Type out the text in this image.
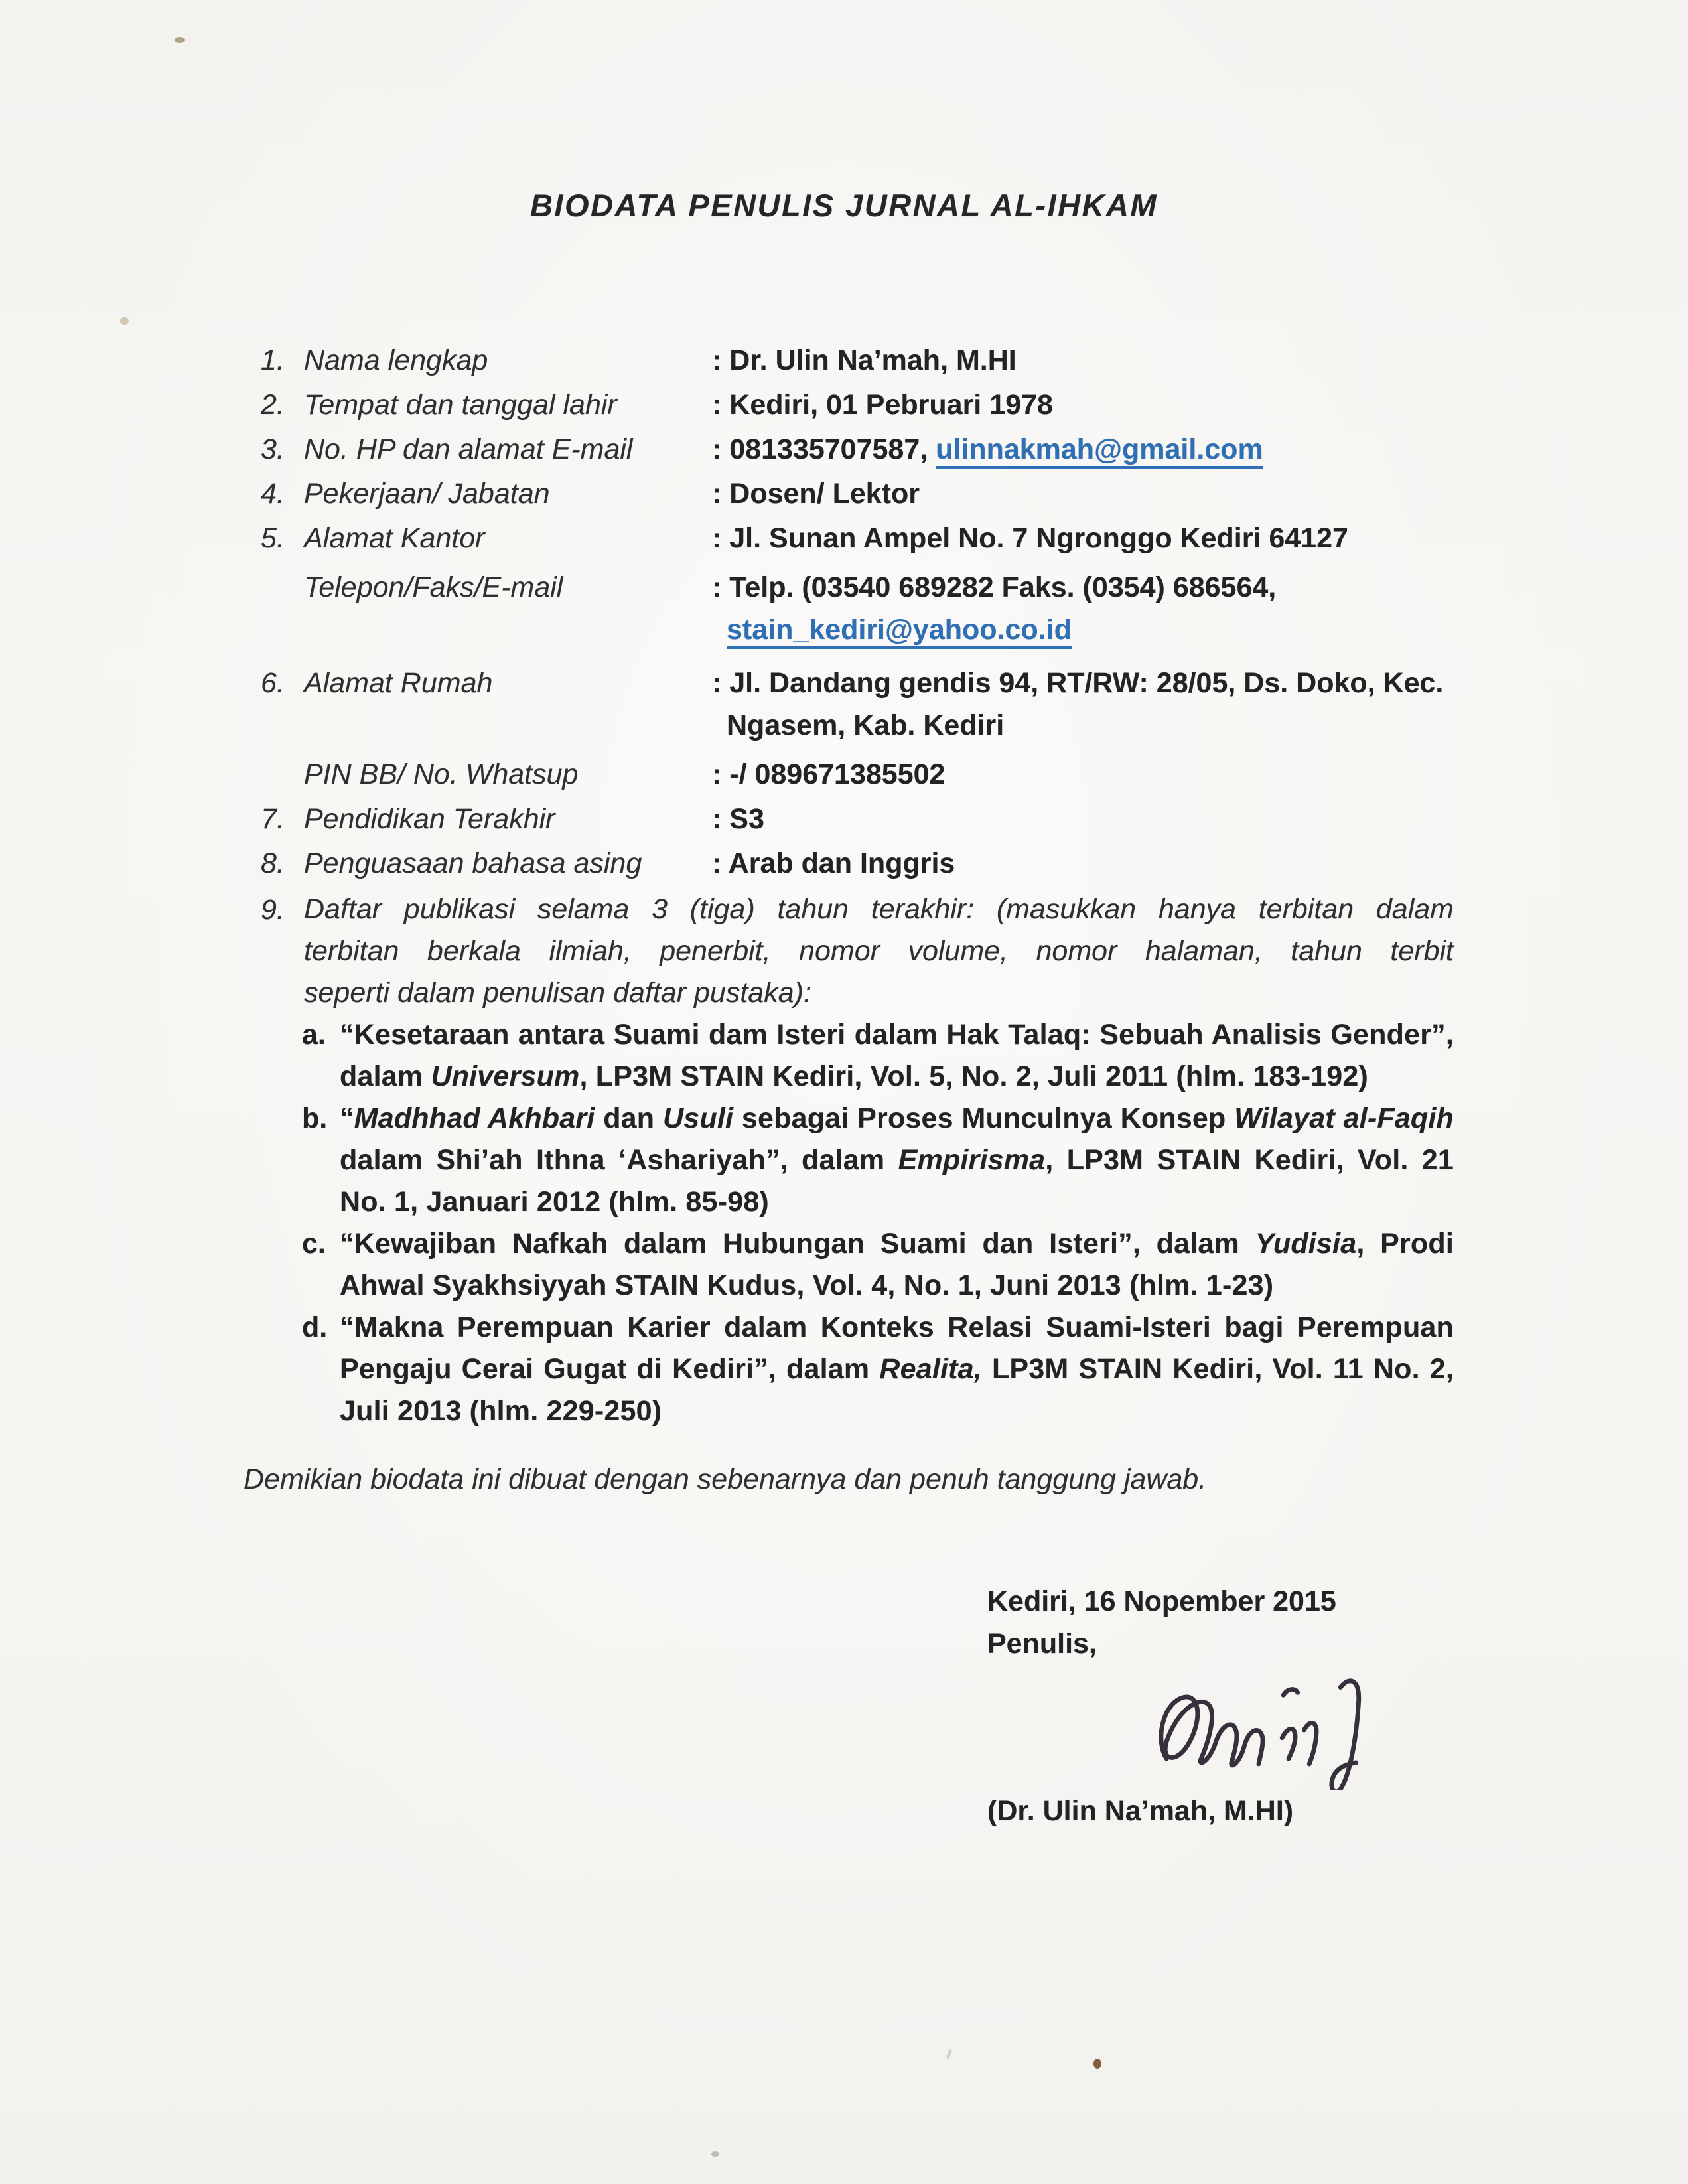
BIODATA PENULIS JURNAL AL-IHKAM
1. Nama lengkap	: Dr. Ulin Na’mah, M.HI
2. Tempat dan tanggal lahir	: Kediri, 01 Pebruari 1978
3. No. HP dan alamat E-mail	: 081335707587, ulinnakmah@gmail.com
4. Pekerjaan/ Jabatan	: Dosen/ Lektor
5. Alamat Kantor	: Jl. Sunan Ampel No. 7 Ngronggo Kediri 64127
Telepon/Faks/E-mail	: Telp. (03540 689282 Faks. (0354) 686564,
stain_kediri@yahoo.co.id
6. Alamat Rumah	: Jl. Dandang gendis 94, RT/RW: 28/05, Ds. Doko, Kec.
Ngasem, Kab. Kediri
PIN BB/ No. Whatsup	: -/ 089671385502
7. Pendidikan Terakhir	: S3
8. Penguasaan bahasa asing	: Arab dan Inggris
9. Daftar publikasi selama 3 (tiga) tahun terakhir: (masukkan hanya terbitan dalam
terbitan berkala ilmiah, penerbit, nomor volume, nomor halaman, tahun terbit
seperti dalam penulisan daftar pustaka):
a. “Kesetaraan antara Suami dam Isteri dalam Hak Talaq: Sebuah Analisis Gender”, dalam Universum, LP3M STAIN Kediri, Vol. 5, No. 2, Juli 2011 (hlm. 183-192)
b. “Madhhad Akhbari dan Usuli sebagai Proses Munculnya Konsep Wilayat al-Faqih dalam Shi’ah Ithna ‘Ashariyah”, dalam Empirisma, LP3M STAIN Kediri, Vol. 21 No. 1, Januari 2012 (hlm. 85-98)
c. “Kewajiban Nafkah dalam Hubungan Suami dan Isteri”, dalam Yudisia, Prodi Ahwal Syakhsiyyah STAIN Kudus, Vol. 4, No. 1, Juni 2013 (hlm. 1-23)
d. “Makna Perempuan Karier dalam Konteks Relasi Suami-Isteri bagi Perempuan Pengaju Cerai Gugat di Kediri”, dalam Realita, LP3M STAIN Kediri, Vol. 11 No. 2, Juli 2013 (hlm. 229-250)
Demikian biodata ini dibuat dengan sebenarnya dan penuh tanggung jawab.
Kediri, 16 Nopember 2015
Penulis,
(Dr. Ulin Na’mah, M.HI)
